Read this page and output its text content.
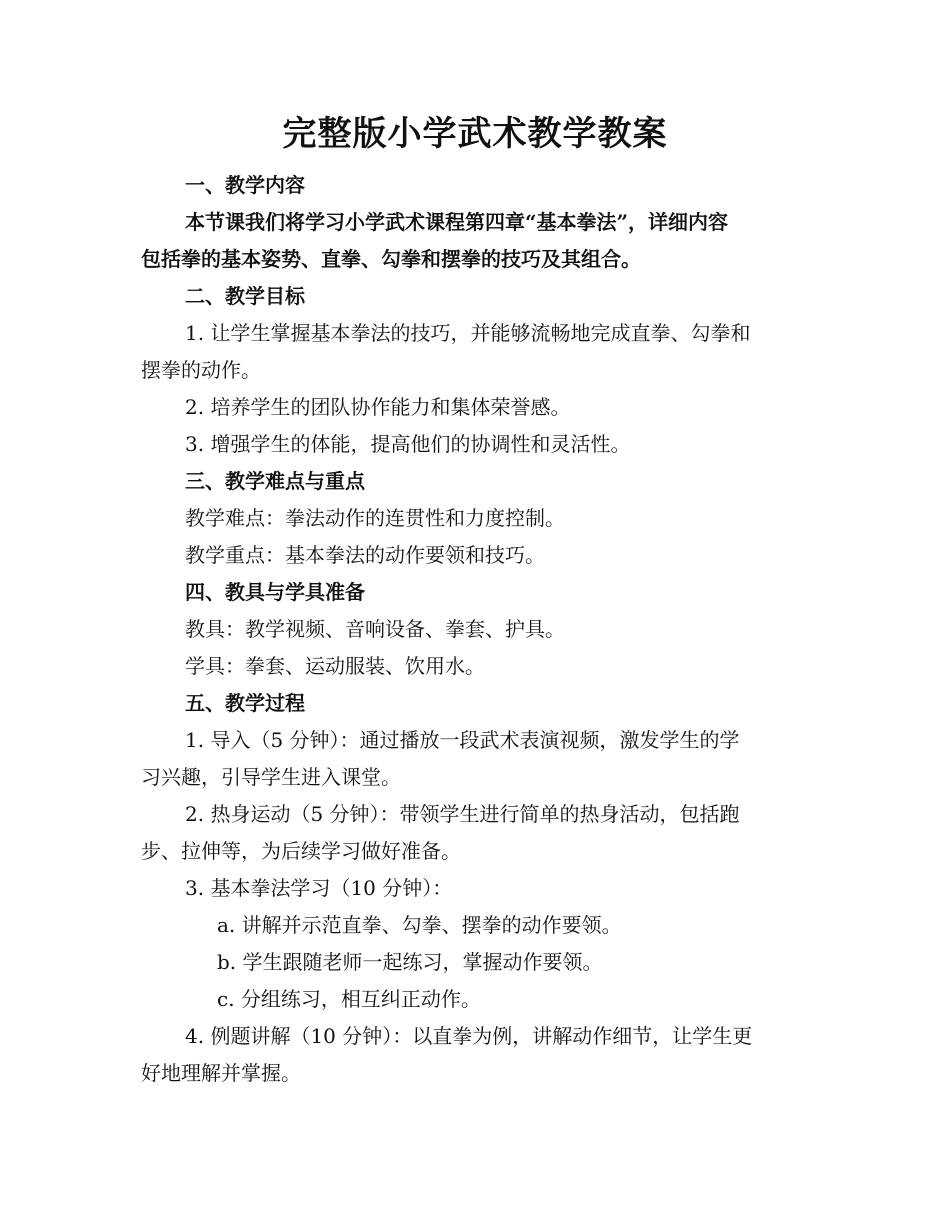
完整版小学武术教学教案

一、教学内容

本节课我们将学习小学武术课程第四章“基本拳法”，详细内容
包括拳的基本姿势、直拳、勾拳和摆拳的技巧及其组合。

二、教学目标

1. 让学生掌握基本拳法的技巧，并能够流畅地完成直拳、勾拳和
摆拳的动作。

2. 培养学生的团队协作能力和集体荣誉感。

3. 增强学生的体能，提高他们的协调性和灵活性。

三、教学难点与重点

教学难点：拳法动作的连贯性和力度控制。

教学重点：基本拳法的动作要领和技巧。

四、教具与学具准备

教具：教学视频、音响设备、拳套、护具。

学具：拳套、运动服装、饮用水。

五、教学过程

1. 导入（5 分钟）：通过播放一段武术表演视频，激发学生的学
习兴趣，引导学生进入课堂。

2. 热身运动（5 分钟）：带领学生进行简单的热身活动，包括跑
步、拉伸等，为后续学习做好准备。

3. 基本拳法学习（10 分钟）：

a. 讲解并示范直拳、勾拳、摆拳的动作要领。

b. 学生跟随老师一起练习，掌握动作要领。

c. 分组练习，相互纠正动作。

4. 例题讲解（10 分钟）：以直拳为例，讲解动作细节，让学生更
好地理解并掌握。
